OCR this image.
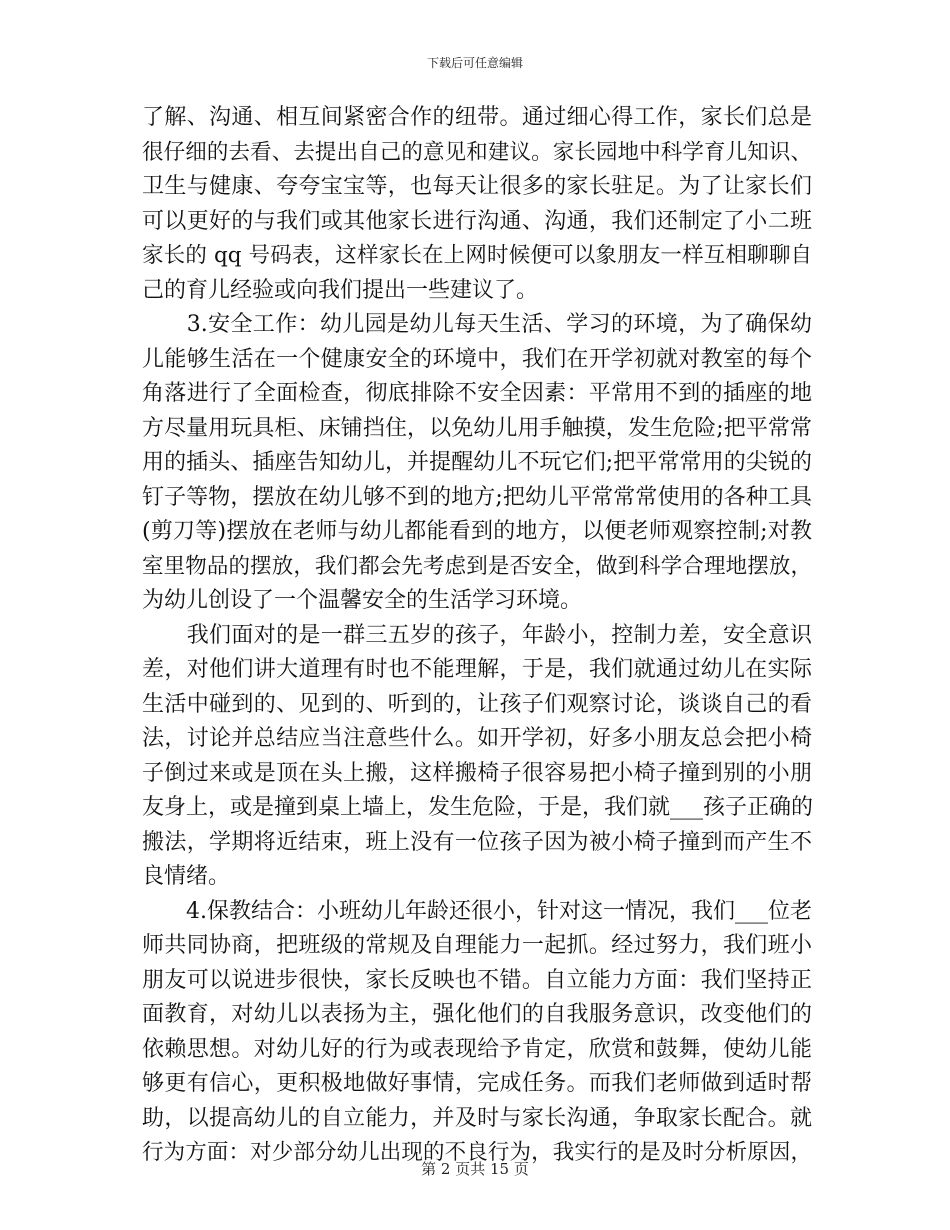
下载后可任意编辑
了解、沟通、相互间紧密合作的纽带。通过细心得工作，家长们总是
很仔细的去看、去提出自己的意见和建议。家长园地中科学育儿知识、
卫生与健康、夸夸宝宝等，也每天让很多的家长驻足。为了让家长们
可以更好的与我们或其他家长进行沟通、沟通，我们还制定了小二班
家长的 qq 号码表，这样家长在上网时候便可以象朋友一样互相聊聊自
己的育儿经验或向我们提出一些建议了。
　　3.安全工作：幼儿园是幼儿每天生活、学习的环境，为了确保幼
儿能够生活在一个健康安全的环境中，我们在开学初就对教室的每个
角落进行了全面检查，彻底排除不安全因素：平常用不到的插座的地
方尽量用玩具柜、床铺挡住，以免幼儿用手触摸，发生危险;把平常常
用的插头、插座告知幼儿，并提醒幼儿不玩它们;把平常常用的尖锐的
钉子等物，摆放在幼儿够不到的地方;把幼儿平常常常使用的各种工具
(剪刀等)摆放在老师与幼儿都能看到的地方，以便老师观察控制;对教
室里物品的摆放，我们都会先考虑到是否安全，做到科学合理地摆放，
为幼儿创设了一个温馨安全的生活学习环境。
　　我们面对的是一群三五岁的孩子，年龄小，控制力差，安全意识
差，对他们讲大道理有时也不能理解，于是，我们就通过幼儿在实际
生活中碰到的、见到的、听到的，让孩子们观察讨论，谈谈自己的看
法，讨论并总结应当注意些什么。如开学初，好多小朋友总会把小椅
子倒过来或是顶在头上搬，这样搬椅子很容易把小椅子撞到别的小朋
友身上，或是撞到桌上墙上，发生危险，于是，我们就___孩子正确的
搬法，学期将近结束，班上没有一位孩子因为被小椅子撞到而产生不
良情绪。
　　4.保教结合：小班幼儿年龄还很小，针对这一情况，我们___位老
师共同协商，把班级的常规及自理能力一起抓。经过努力，我们班小
朋友可以说进步很快，家长反映也不错。自立能力方面：我们坚持正
面教育，对幼儿以表扬为主，强化他们的自我服务意识，改变他们的
依赖思想。对幼儿好的行为或表现给予肯定，欣赏和鼓舞，使幼儿能
够更有信心，更积极地做好事情，完成任务。而我们老师做到适时帮
助，以提高幼儿的自立能力，并及时与家长沟通，争取家长配合。就
行为方面：对少部分幼儿出现的不良行为，我实行的是及时分析原因，
第 2 页共 15 页
